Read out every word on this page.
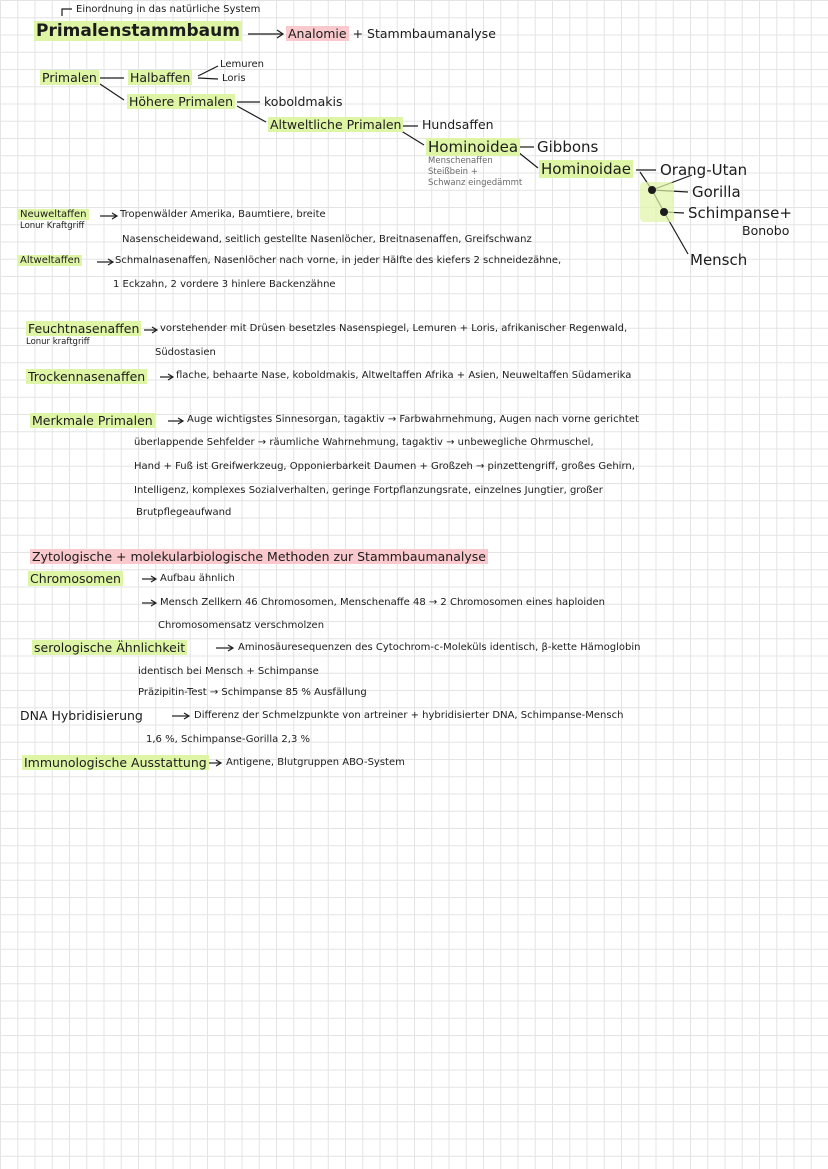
Einordnung in das natürliche System
Primalenstammbaum	Analomie + Stammbaumanalyse
Primalen	Halbaffen
Lemuren
Loris
Höhere Primalen koboldmakis
Altweltliche Primalen Hundsaffen
Hominoidea Gibbons
Menschenaffen
Steißbein +
Schwanz eingedämmt
Hominoidae Orang-Utan
Gorilla
Schimpanse+
Bonobo
Mensch
Neuweltaffen
Lonur Kraftgriff
Tropenwälder Amerika, Baumtiere, breite
Nasenscheidewand, seitlich gestellte Nasenlöcher, Breitnasenaffen, Greifschwanz
Altweltaffen	Schmalnasenaffen, Nasenlöcher nach vorne, in jeder Hälfte des kiefers 2 schneidezähne,
1 Eckzahn, 2 vordere 3 hinlere Backenzähne
Feuchtnasenaffen
Lonur kraftgriff
vorstehender mit Drüsen besetzles Nasenspiegel, Lemuren + Loris, afrikanischer Regenwald,
Südostasien
Trockennasenaffen	flache, behaarte Nase, koboldmakis, Altweltaffen Afrika + Asien, Neuweltaffen Südamerika
Merkmale Primalen	Auge wichtigstes Sinnesorgan, tagaktiv → Farbwahrnehmung, Augen nach vorne gerichtet
überlappende Sehfelder → räumliche Wahrnehmung, tagaktiv → unbewegliche Ohrmuschel,
Hand + Fuß ist Greifwerkzeug, Opponierbarkeit Daumen + Großzeh → pinzettengriff, großes Gehirn,
Intelligenz, komplexes Sozialverhalten, geringe Fortpflanzungsrate, einzelnes Jungtier, großer
Brutpflegeaufwand
Zytologische + molekularbiologische Methoden zur Stammbaumanalyse
Chromosomen	Aufbau ähnlich
Mensch Zellkern 46 Chromosomen, Menschenaffe 48 → 2 Chromosomen eines haploiden
Chromosomensatz verschmolzen
serologische Ähnlichkeit	Aminosäuresequenzen des Cytochrom-c-Moleküls identisch, β-kette Hämoglobin
identisch bei Mensch + Schimpanse
Präzipitin-Test → Schimpanse 85 % Ausfällung
DNA Hybridisierung	Differenz der Schmelzpunkte von artreiner + hybridisierter DNA, Schimpanse-Mensch
1,6 %, Schimpanse-Gorilla 2,3 %
Immunologische Ausstattung Antigene, Blutgruppen ABO-System
